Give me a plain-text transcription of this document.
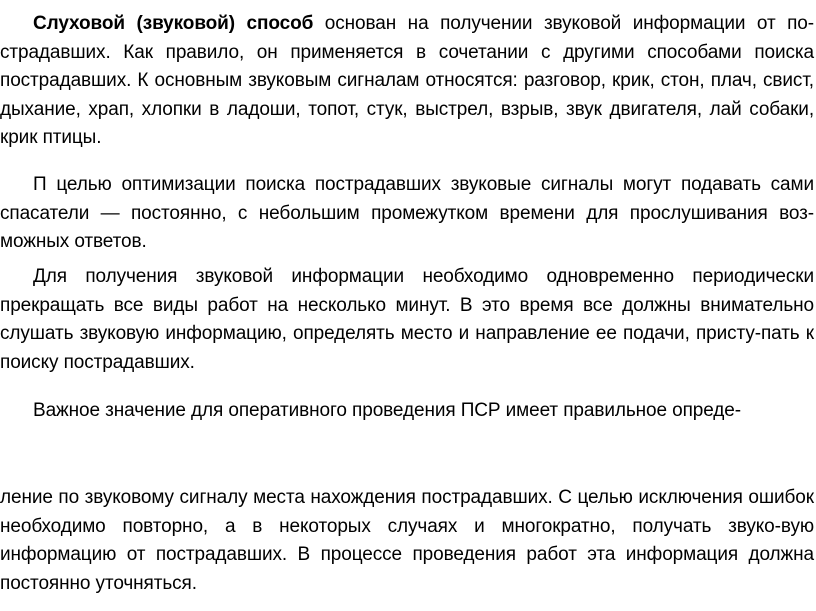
Слуховой (звуковой) способ основан на получении звуковой информации от по-страдавших. Как правило, он применяется в сочетании с другими способами поиска пострадавших. К основным звуковым сигналам относятся: разговор, крик, стон, плач, свист, дыхание, храп, хлопки в ладоши, топот, стук, выстрел, взрыв, звук двигателя, лай собаки, крик птицы.

П целью оптимизации поиска пострадавших звуковые сигналы могут подавать сами спасатели — постоянно, с небольшим промежутком времени для прослушивания воз-можных ответов.

Для получения звуковой информации необходимо одновременно периодически прекращать все виды работ на несколько минут. В это время все должны внимательно слушать звуковую информацию, определять место и направление ее подачи, присту-пать к поиску пострадавших.

Важное значение для оперативного проведения ПСР имеет правильное опреде-

ление по звуковому сигналу места нахождения пострадавших. С целью исключения ошибок необходимо повторно, а в некоторых случаях и многократно, получать звуко-вую информацию от пострадавших. В процессе проведения работ эта информация должна постоянно уточняться.
